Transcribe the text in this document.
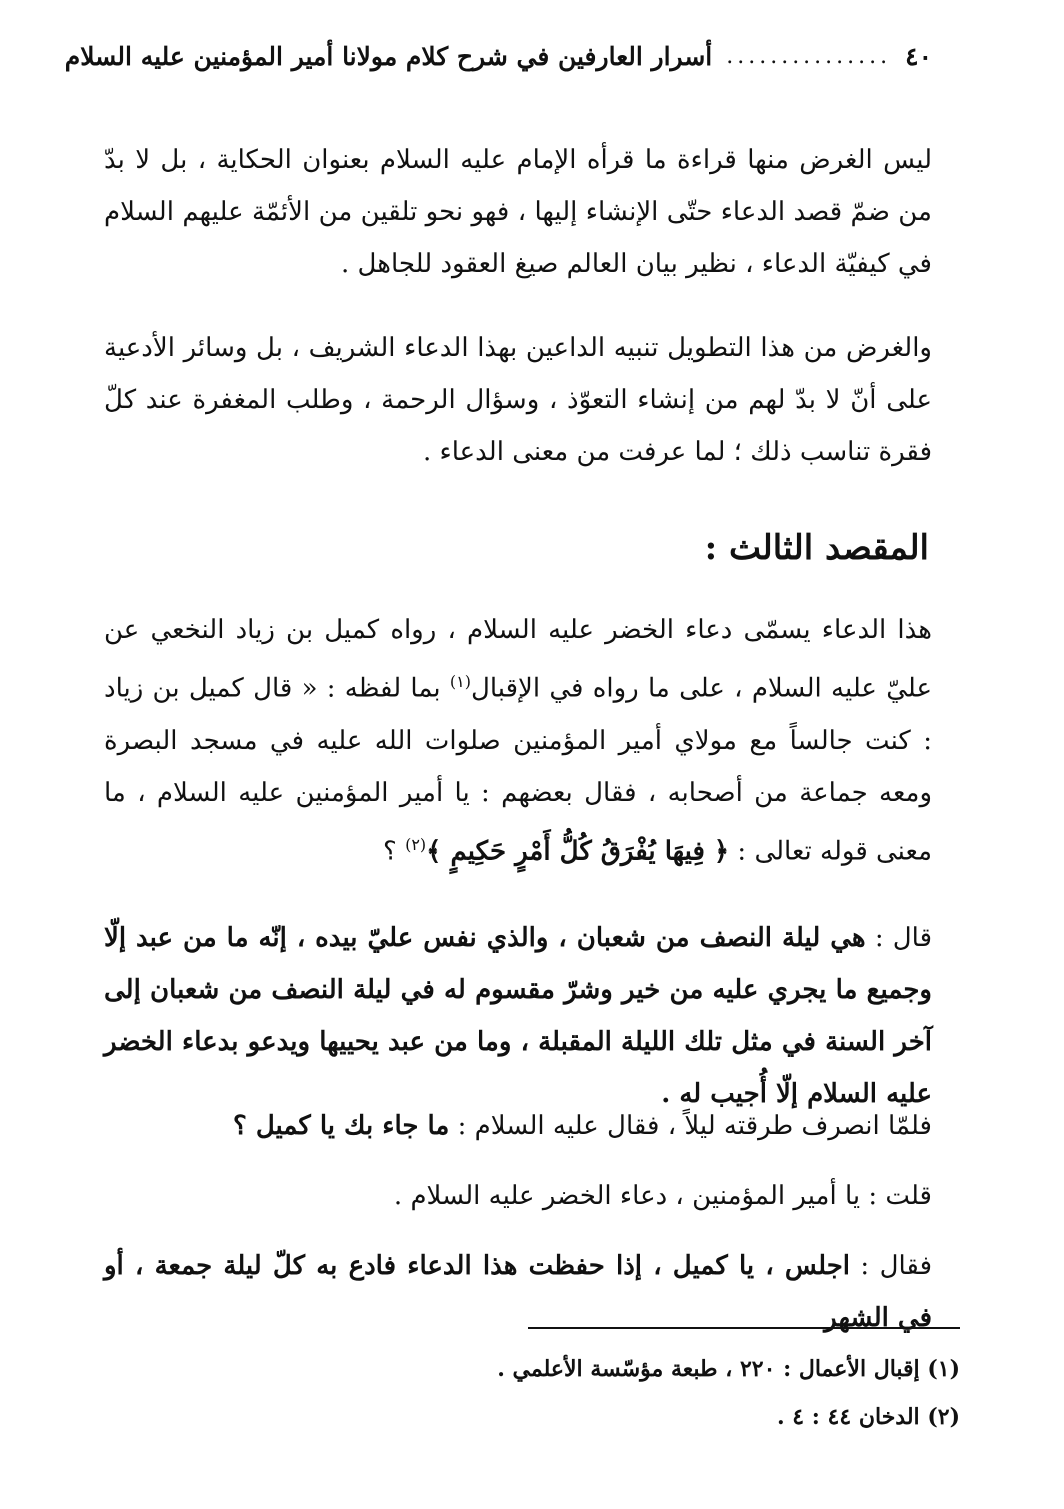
٤٠
...............
أسرار العارفين في شرح كلام مولانا أمير المؤمنين عليه السلام
ليس الغرض منها قراءة ما قرأه الإمام عليه السلام بعنوان الحكاية ، بل لا بدّ من ضمّ قصد الدعاء حتّى الإنشاء إليها ، فهو نحو تلقين من الأئمّة عليهم السلام في كيفيّة الدعاء ، نظير بيان العالم صيغ العقود للجاهل .
والغرض من هذا التطويل تنبيه الداعين بهذا الدعاء الشريف ، بل وسائر الأدعية على أنّ لا بدّ لهم من إنشاء التعوّذ ، وسؤال الرحمة ، وطلب المغفرة عند كلّ فقرة تناسب ذلك ؛ لما عرفت من معنى الدعاء .
المقصد الثالث :
هذا الدعاء يسمّى دعاء الخضر عليه السلام ، رواه كميل بن زياد النخعي عن عليّ عليه السلام ، على ما رواه في الإقبال$^{(١)}$ بما لفظه : « قال كميل بن زياد : كنت جالساً مع مولاي أمير المؤمنين صلوات الله عليه في مسجد البصرة ومعه جماعة من أصحابه ، فقال بعضهم : يا أمير المؤمنين عليه السلام ، ما معنى قوله تعالى : ﴿ فِيهَا يُفْرَقُ كُلُّ أَمْرٍ حَكِيمٍ ﴾$^{(٢)}$ ؟
قال : هي ليلة النصف من شعبان ، والذي نفس عليّ بيده ، إنّه ما من عبد إلّا وجميع ما يجري عليه من خير وشرّ مقسوم له في ليلة النصف من شعبان إلى آخر السنة في مثل تلك الليلة المقبلة ، وما من عبد يحييها ويدعو بدعاء الخضر عليه السلام إلّا أُجيب له .
فلمّا انصرف طرقته ليلاً ، فقال عليه السلام : ما جاء بك يا كميل ؟
قلت : يا أمير المؤمنين ، دعاء الخضر عليه السلام .
فقال : اجلس ، يا كميل ، إذا حفظت هذا الدعاء فادع به كلّ ليلة جمعة ، أو في الشهر
(١) إقبال الأعمال : ٢٢٠ ، طبعة مؤسّسة الأعلمي .
(٢) الدخان ٤٤ : ٤ .
